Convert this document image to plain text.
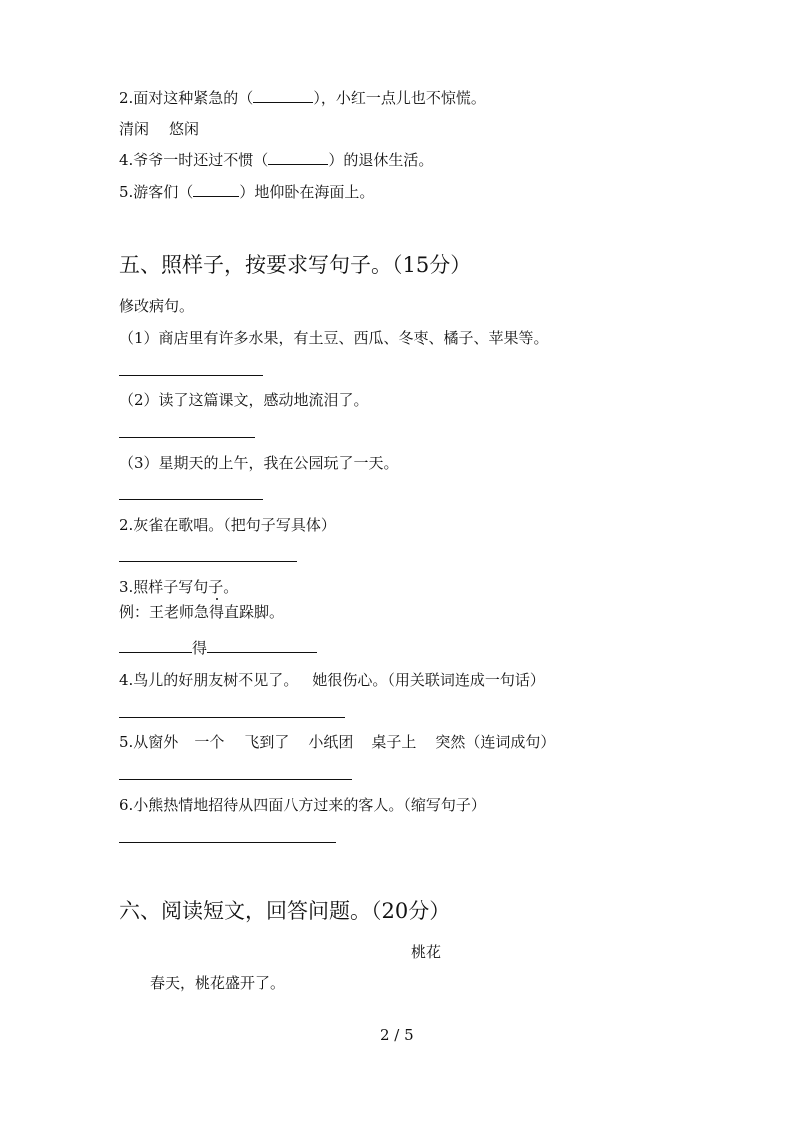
2.面对这种紧急的（	），小红一点儿也不惊慌。
清闲 悠闲
4.爷爷一时还过不惯（	）的退休生活。
5.游客们（	）地仰卧在海面上。
五、照样子，按要求写句子。（15分）
修改病句。
（1）商店里有许多水果，有土豆、西瓜、冬枣、橘子、苹果等。
（2）读了这篇课文，感动地流泪了。
（3）星期天的上午，我在公园玩了一天。
2.灰雀在歌唱。（把句子写具体）
3.照样子写句子。
例：王老师急得直跺脚。
得
4.鸟儿的好朋友树不见了。 她很伤心。（用关联词连成一句话）
5.从窗外 一个 飞到了 小纸团 桌子上 突然（连词成句）
6.小熊热情地招待从四面八方过来的客人。（缩写句子）
六、阅读短文，回答问题。（20分）
桃花
春天，桃花盛开了。
2 / 5
